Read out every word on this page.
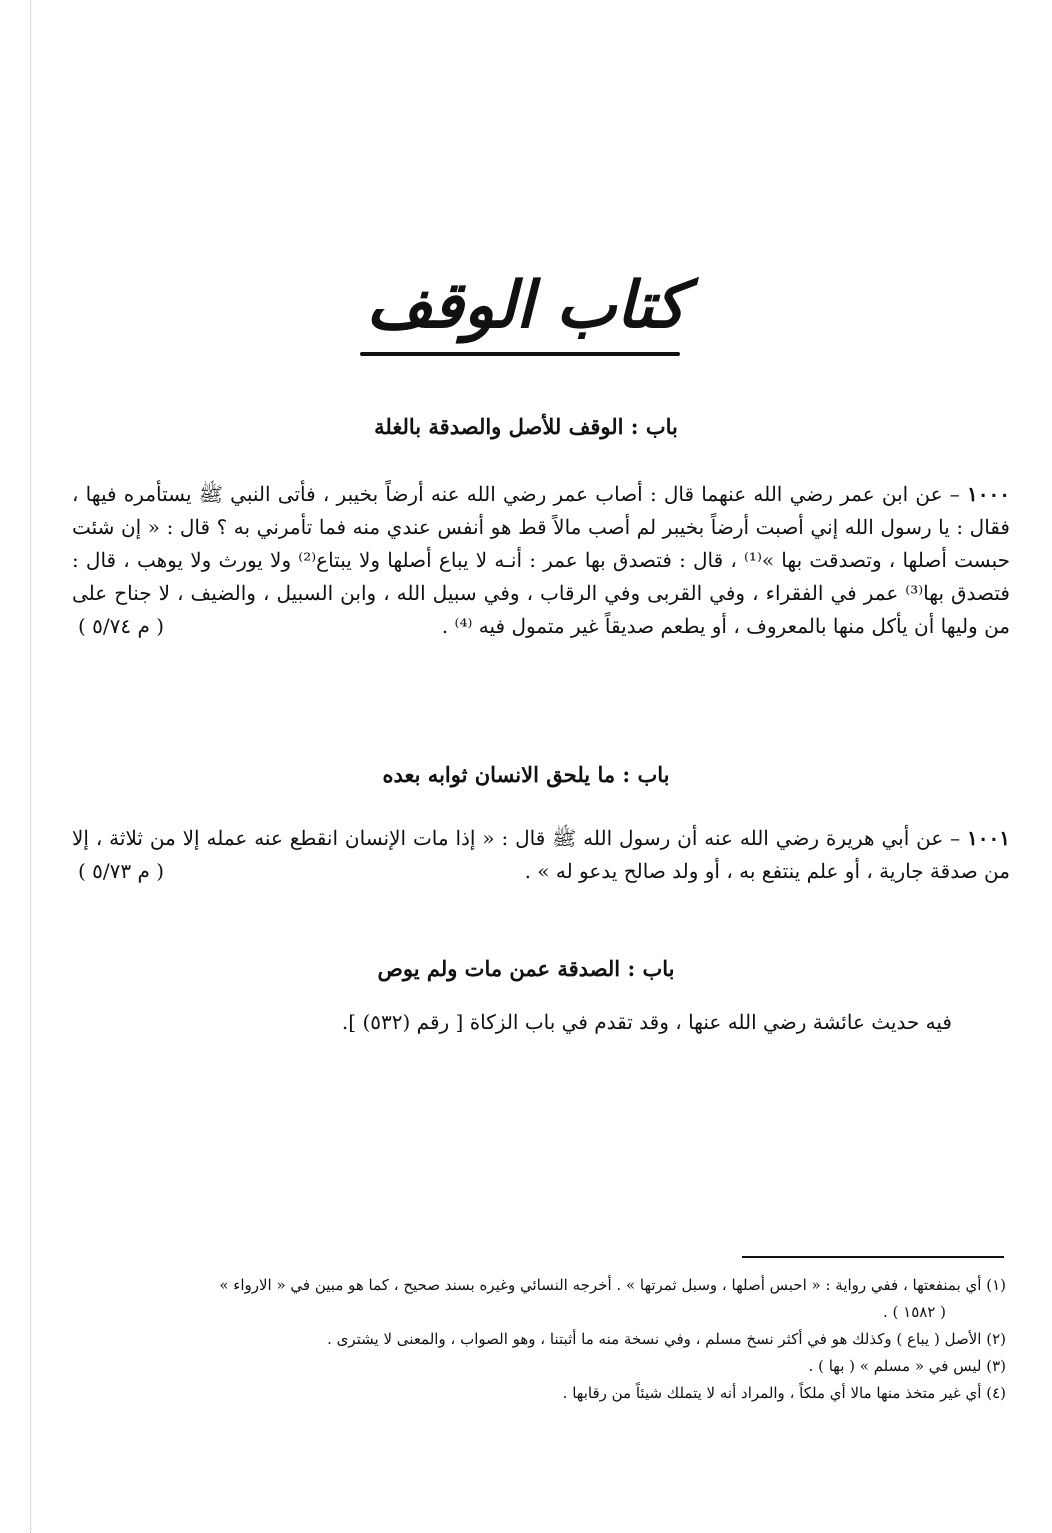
كتاب الوقف
باب : الوقف للأصل والصدقة بالغلة
١٠٠٠ – عن ابن عمر رضي الله عنهما قال : أصاب عمر رضي الله عنه أرضاً بخيبر ، فأتى النبي ﷺ يستأمره فيها ، فقال : يا رسول الله إني أصبت أرضاً بخيبر لم أصب مالاً قط هو أنفس عندي منه فما تأمرني به ؟ قال : « إن شئت حبست أصلها ، وتصدقت بها »⁽¹⁾ ، قال : فتصدق بها عمر : أنـه لا يباع أصلها ولا يبتاع⁽²⁾ ولا يورث ولا يوهب ، قال : فتصدق بها⁽³⁾ عمر في الفقراء ، وفي القربى وفي الرقاب ، وفي سبيل الله ، وابن السبيل ، والضيف ، لا جناح على من وليها أن يأكل منها بالمعروف ، أو يطعم صديقاً غير متمول فيه ⁽⁴⁾ .
( م ٥/٧٤ )
باب : ما يلحق الانسان ثوابه بعده
١٠٠١ – عن أبي هريرة رضي الله عنه أن رسول الله ﷺ قال : « إذا مات الإنسان انقطع عنه عمله إلا من ثلاثة ، إلا من صدقة جارية ، أو علم ينتفع به ، أو ولد صالح يدعو له » .
( م ٥/٧٣ )
باب : الصدقة عمن مات ولم يوص
فيه حديث عائشة رضي الله عنها ، وقد تقدم في باب الزكاة [ رقم (٥٣٢) ].

(١) أي بمنفعتها ، ففي رواية : « احبس أصلها ، وسبل ثمرتها » . أخرجه النسائي وغيره بسند صحيح ، كما هو مبين في « الارواء »
( ١٥٨٢ ) .

(٢) الأصل ( يباع ) وكذلك هو في أكثر نسخ مسلم ، وفي نسخة منه ما أثبتنا ، وهو الصواب ، والمعنى لا يشترى .

(٣) ليس في « مسلم » ( بها ) .

(٤) أي غير متخذ منها مالا أي ملكاً ، والمراد أنه لا يتملك شيئاً من رقابها .
